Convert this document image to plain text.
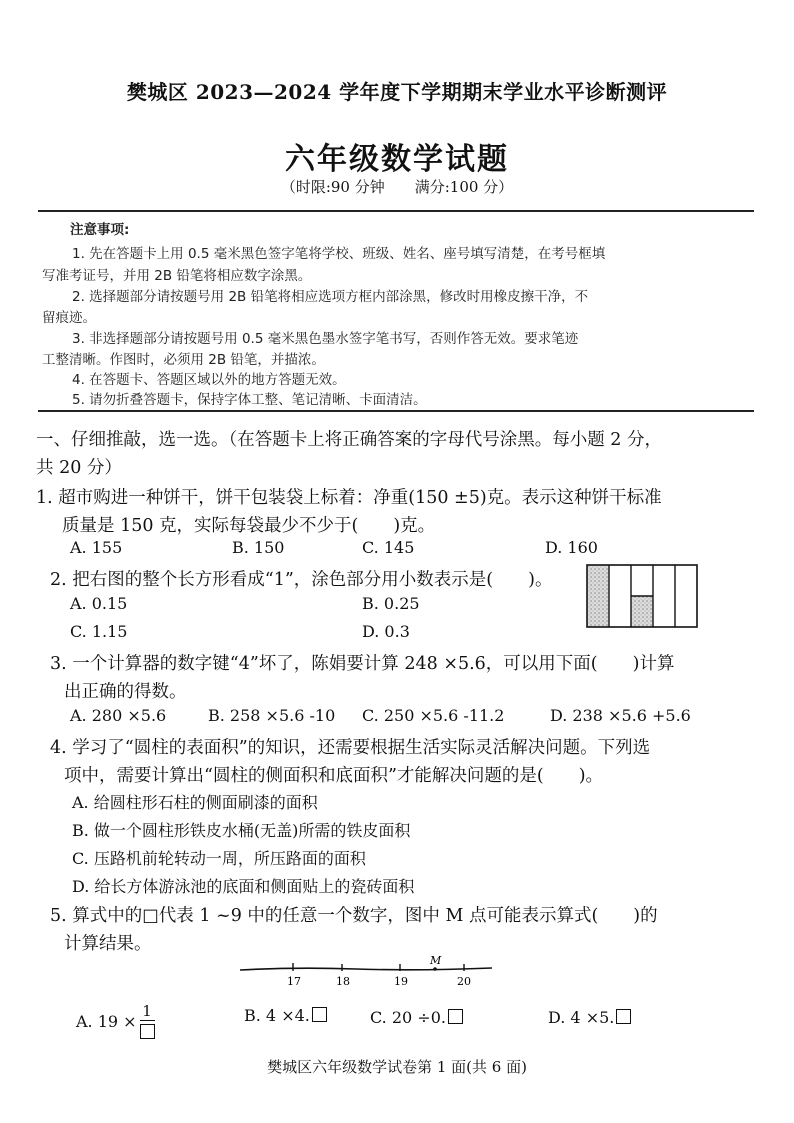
樊城区 2023—2024 学年度下学期期末学业水平诊断测评
六年级数学试题
（时限:90 分钟　　满分:100 分）
注意事项:
1. 先在答题卡上用 0.5 毫米黑色签字笔将学校、班级、姓名、座号填写清楚，在考号框填
写准考证号，并用 2B 铅笔将相应数字涂黑。
2. 选择题部分请按题号用 2B 铅笔将相应选项方框内部涂黑，修改时用橡皮擦干净，不
留痕迹。
3. 非选择题部分请按题号用 0.5 毫米黑色墨水签字笔书写，否则作答无效。要求笔迹
工整清晰。作图时，必须用 2B 铅笔，并描浓。
4. 在答题卡、答题区域以外的地方答题无效。
5. 请勿折叠答题卡，保持字体工整、笔记清晰、卡面清洁。
一、仔细推敲，选一选。（在答题卡上将正确答案的字母代号涂黑。每小题 2 分，
共 20 分）
1. 超市购进一种饼干，饼干包装袋上标着：净重(150 ±5)克。表示这种饼干标准
质量是 150 克，实际每袋最少不少于(　　)克。
A. 155	B. 150	C. 145	D. 160
2. 把右图的整个长方形看成“1”，涂色部分用小数表示是(　　)。
A. 0.15	B. 0.25
C. 1.15	D. 0.3
3. 一个计算器的数字键“4”坏了，陈娟要计算 248 ×5.6，可以用下面(　　)计算
出正确的得数。
A. 280 ×5.6	B. 258 ×5.6 -10 C. 250 ×5.6 -11.2	D. 238 ×5.6 +5.6
4. 学习了“圆柱的表面积”的知识，还需要根据生活实际灵活解决问题。下列选
项中，需要计算出“圆柱的侧面积和底面积”才能解决问题的是(　　)。
A. 给圆柱形石柱的侧面刷漆的面积
B. 做一个圆柱形铁皮水桶(无盖)所需的铁皮面积
C. 压路机前轮转动一周，所压路面的面积
D. 给长方体游泳池的底面和侧面贴上的瓷砖面积
5. 算式中的□代表 1 ~9 中的任意一个数字，图中 M 点可能表示算式(　　)的
计算结果。
17	18	19	20
M
A. 19 ×
1	B. 4 ×4.	C. 20 ÷0.	D. 4 ×5.
樊城区六年级数学试卷第 1 面(共 6 面)
